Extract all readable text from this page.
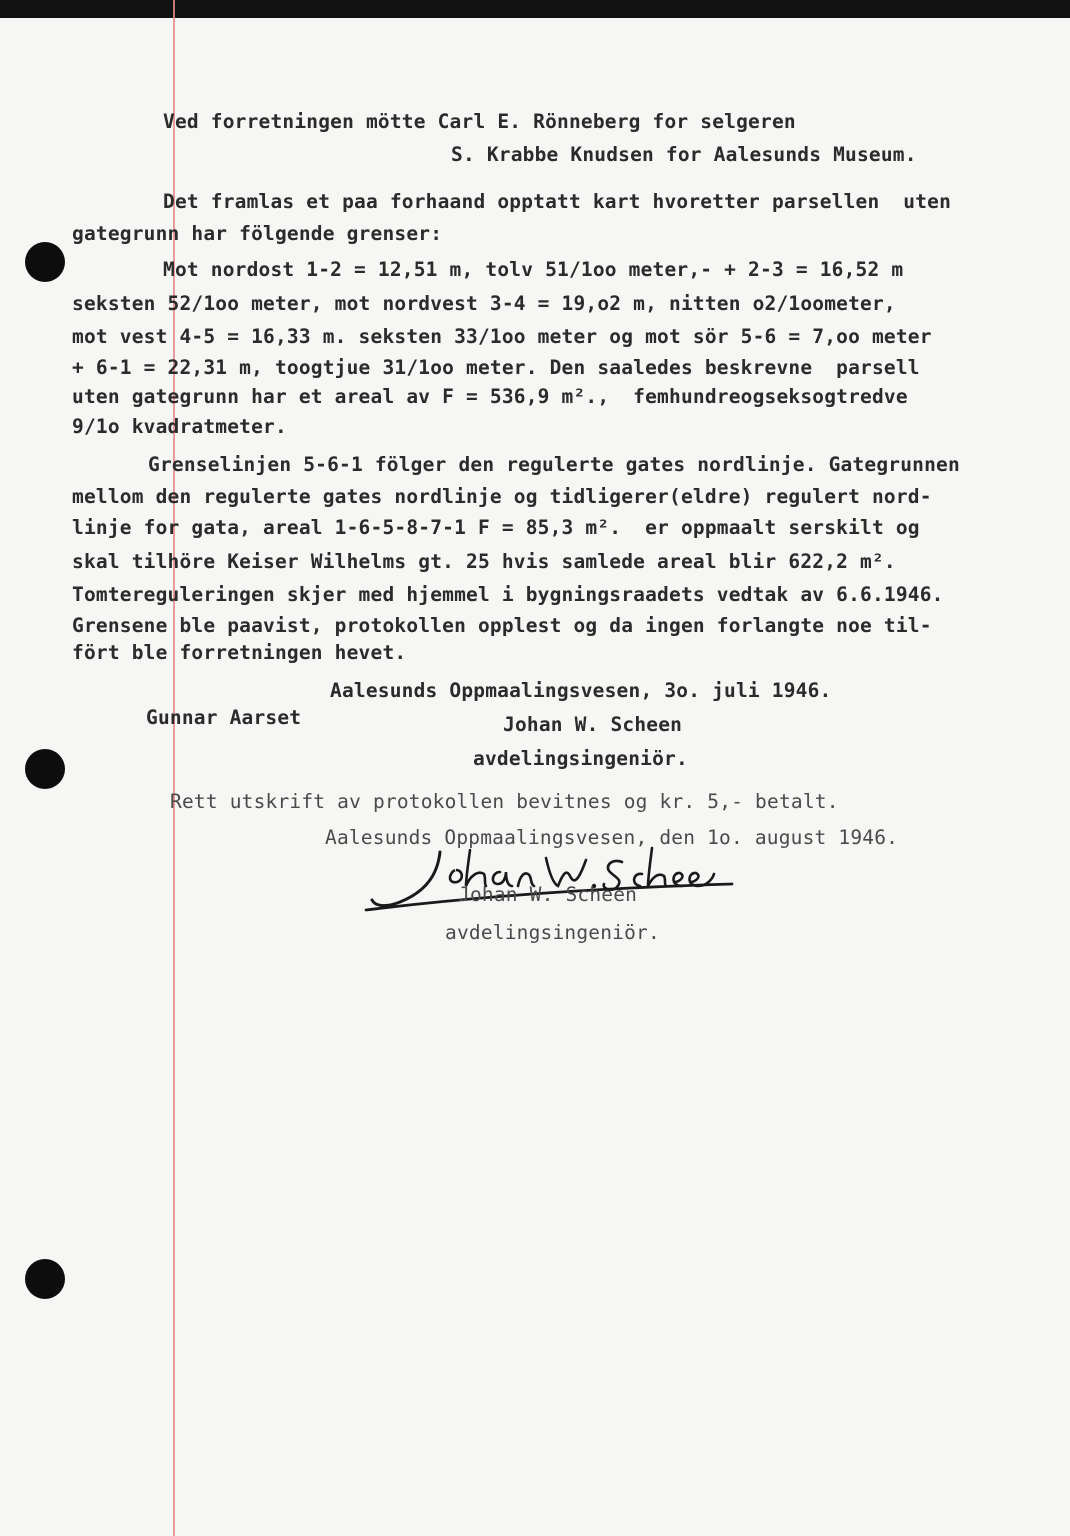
Ved forretningen mötte Carl E. Rönneberg for selgeren
S. Krabbe Knudsen for Aalesunds Museum.
Det framlas et paa forhaand opptatt kart hvoretter parsellen  uten
gategrunn har fölgende grenser:
Mot nordost 1-2 = 12,51 m, tolv 51/1oo meter,- + 2-3 = 16,52 m
seksten 52/1oo meter, mot nordvest 3-4 = 19,o2 m, nitten o2/1oometer,
mot vest 4-5 = 16,33 m. seksten 33/1oo meter og mot sör 5-6 = 7,oo meter
+ 6-1 = 22,31 m, toogtjue 31/1oo meter. Den saaledes beskrevne  parsell
uten gategrunn har et areal av F = 536,9 m².,  femhundreogseksogtredve
9/1o kvadratmeter.
Grenselinjen 5-6-1 fölger den regulerte gates nordlinje. Gategrunnen
mellom den regulerte gates nordlinje og tidligerer(eldre) regulert nord-
linje for gata, areal 1-6-5-8-7-1 F = 85,3 m².  er oppmaalt serskilt og
skal tilhöre Keiser Wilhelms gt. 25 hvis samlede areal blir 622,2 m².
Tomtereguleringen skjer med hjemmel i bygningsraadets vedtak av 6.6.1946.
Grensene ble paavist, protokollen opplest og da ingen forlangte noe til-
fört ble forretningen hevet.
Aalesunds Oppmaalingsvesen, 3o. juli 1946.
Gunnar Aarset	Johan W. Scheen
avdelingsingeniör.
Rett utskrift av protokollen bevitnes og kr. 5,- betalt.
Aalesunds Oppmaalingsvesen, den 1o. august 1946.
Johan W. Scheen
avdelingsingeniör.
